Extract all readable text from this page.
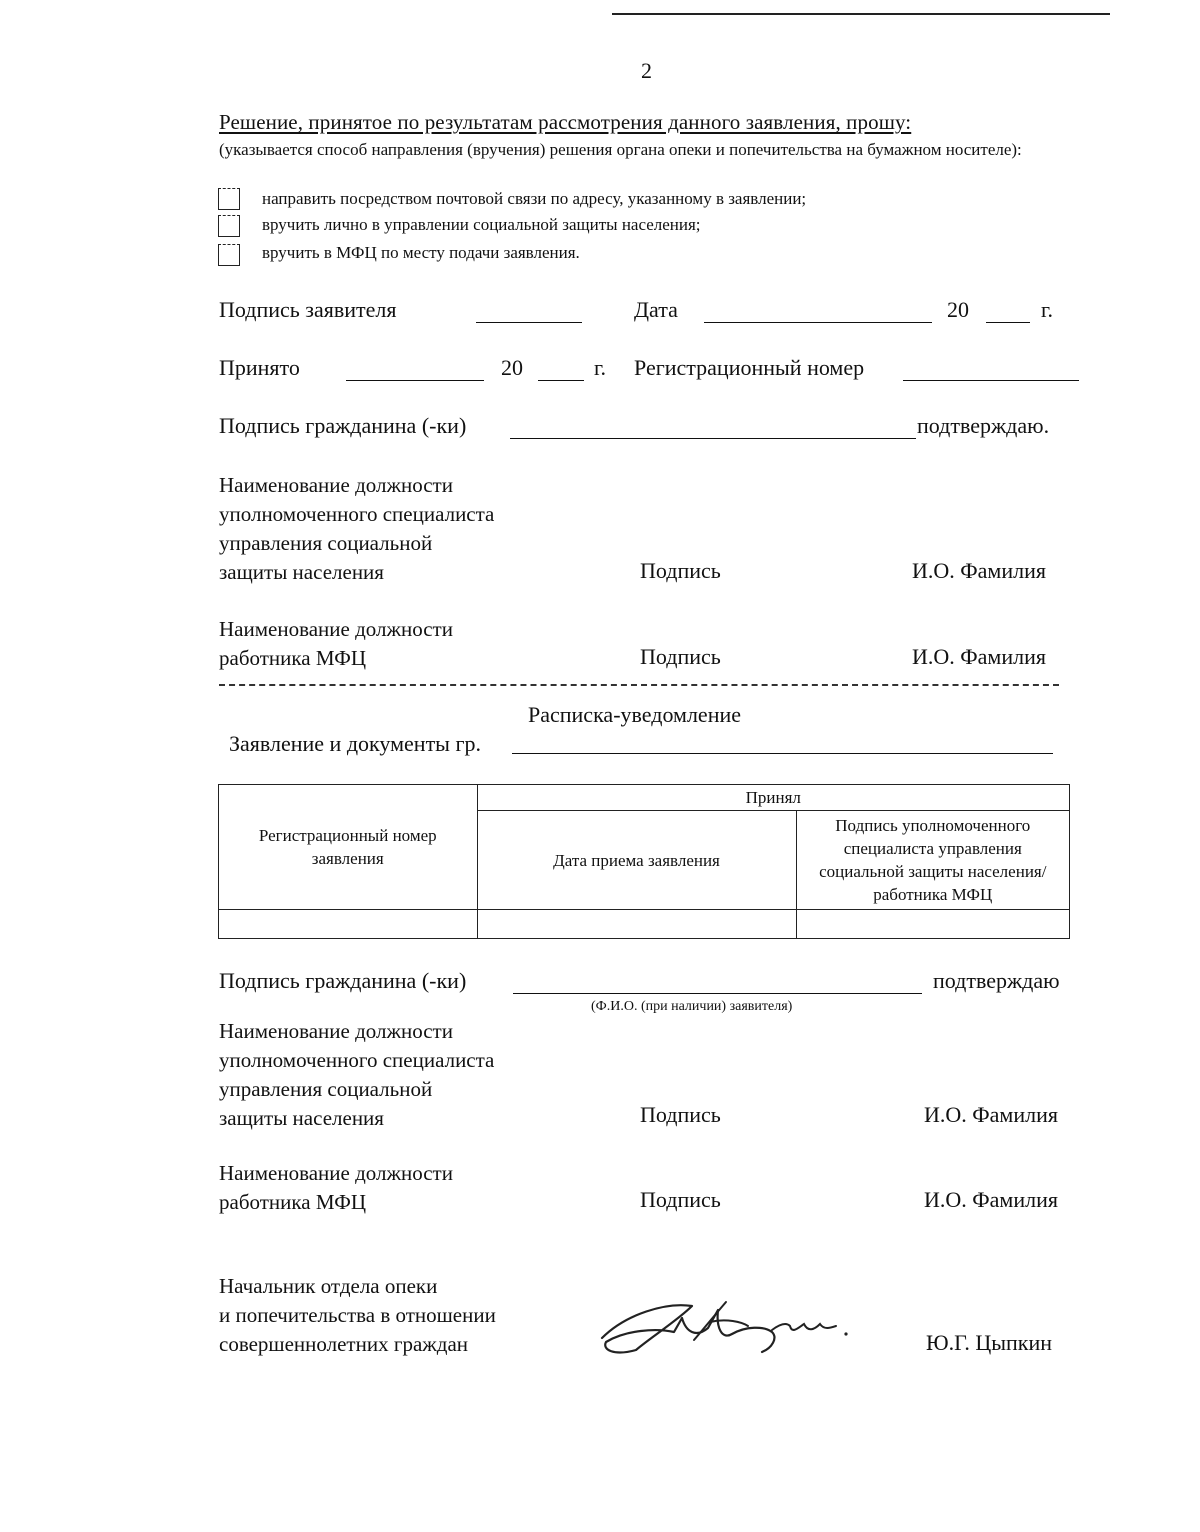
2
Решение, принятое по результатам рассмотрения данного заявления, прошу:
(указывается способ направления (вручения) решения органа опеки и попечительства на бумажном носителе):
направить посредством почтовой связи по адресу, указанному в заявлении;
вручить лично в управлении социальной защиты населения;
вручить в МФЦ по месту подачи заявления.
Подпись заявителя	Дата	20	г.
Принято	20	г. Регистрационный номер
Подпись гражданина (-ки)	подтверждаю.
Наименование должности
уполномоченного специалиста
управления социальной
защиты населения	Подпись	И.О. Фамилия
Наименование должности
работника МФЦ	Подпись	И.О. Фамилия
Расписка-уведомление
Заявление и документы гр.
Регистрационный номер заявления	Принял	
	Дата приема заявления	Подпись уполномоченного специалиста управления социальной защиты населения/работника МФЦ

Подпись гражданина (-ки)	подтверждаю
(Ф.И.О. (при наличии) заявителя)
Наименование должности
уполномоченного специалиста
управления социальной
защиты населения	Подпись	И.О. Фамилия
Наименование должности
работника МФЦ	Подпись	И.О. Фамилия
Начальник отдела опеки
и попечительства в отношении
совершеннолетних граждан	Ю.Г. Цыпкин
